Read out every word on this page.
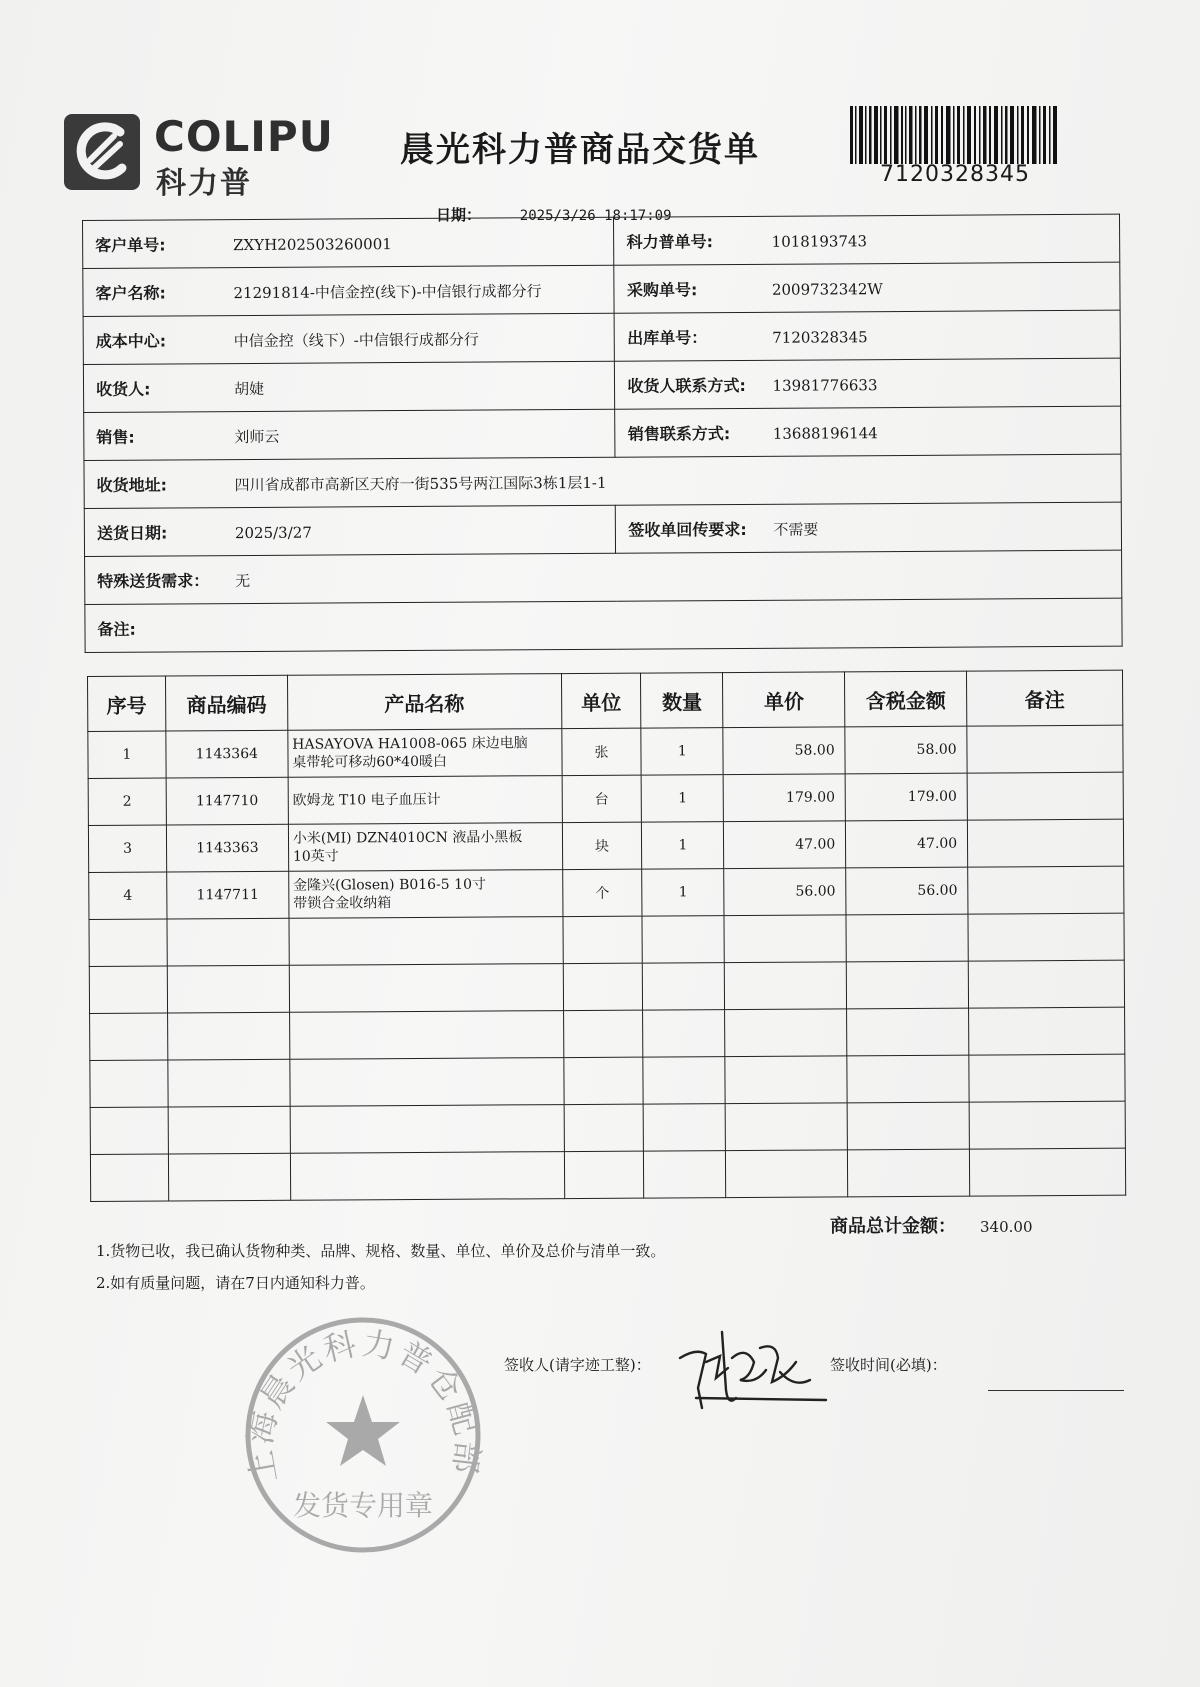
COLIPU
科力普
晨光科力普商品交货单
7120328345
日期：	2025/3/26 18:17:09
客户单号: ZXYH202503260001	科力普单号: 1018193743
客户名称: 21291814-中信金控(线下)-中信银行成都分行	采购单号: 2009732342W
成本中心: 中信金控（线下）-中信银行成都分行	出库单号： 7120328345
收货人: 胡婕	收货人联系方式: 13981776633
销售: 刘师云	销售联系方式: 13688196144
收货地址: 四川省成都市高新区天府一街535号两江国际3栋1层1-1	
送货日期: 2025/3/27	签收单回传要求: 不需要
特殊送货需求： 无	
备注:	
序号	商品编码	产品名称	单位	数量	单价	含税金额	备注
1	1143364	HASAYOVA HA1008-065 床边电脑
桌带轮可移动60*40暖白	张	1	58.00	58.00	
2	1147710	欧姆龙 T10 电子血压计	台	1	179.00	179.00	
3	1143363	小米(MI) DZN4010CN 液晶小黑板
10英寸	块	1	47.00	47.00	
4	1147711	金隆兴(Glosen) B016-5 10寸
带锁合金收纳箱	个	1	56.00	56.00	

商品总计金额： 340.00
1.货物已收，我已确认货物种类、品牌、规格、数量、单位、单价及总价与清单一致。
2.如有质量问题，请在7日内通知科力普。
上海晨光科力普仓配部
发货专用章
签收人(请字迹工整)：	签收时间(必填)：
